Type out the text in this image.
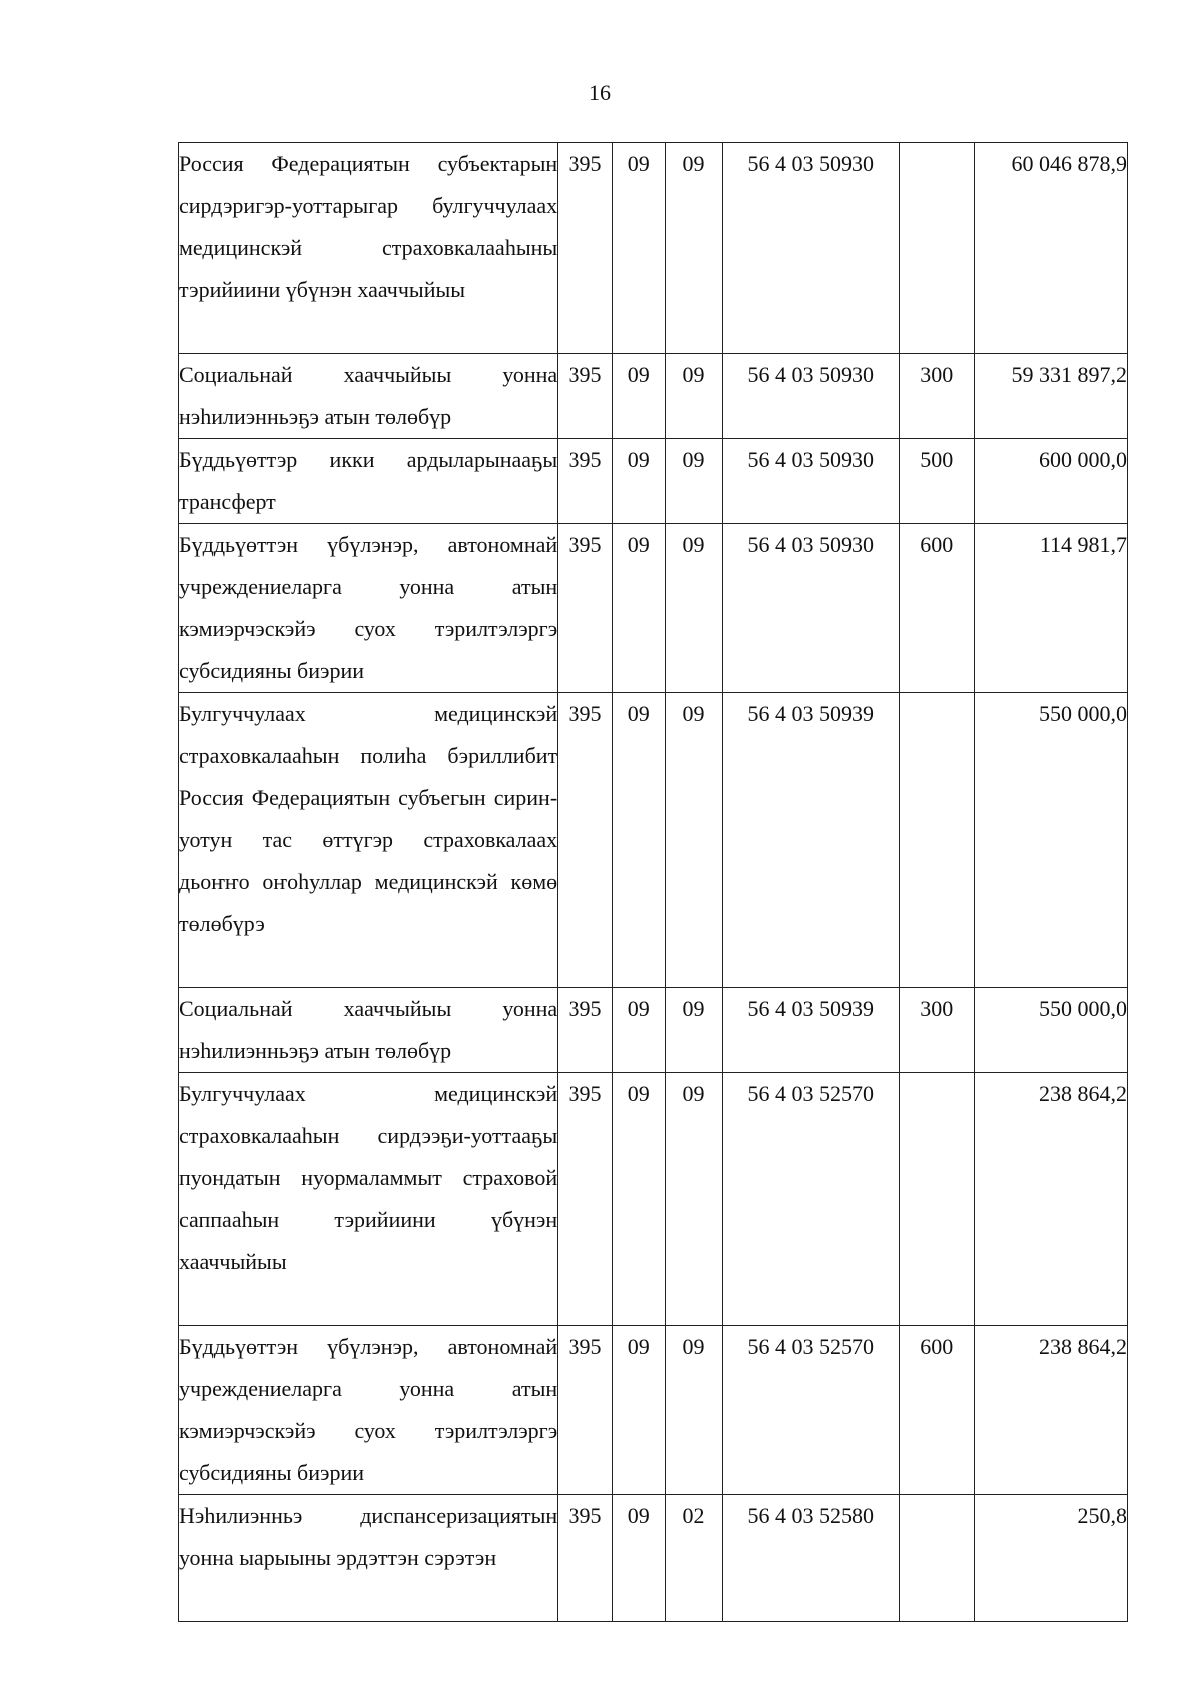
16
Россия Федерациятын субъектарын сирдэригэр-уоттарыгар булгуччулаах медицинскэй страховкалааһыны тэрийиини үбүнэн хааччыйыы	395	09	09	56 4 03 50930		60 046 878,9
Социальнай хааччыйыы уонна нэһилиэнньэҕэ атын төлөбүр	395	09	09	56 4 03 50930	300	59 331 897,2
Бүддьүөттэр икки ардыларынааҕы трансферт	395	09	09	56 4 03 50930	500	600 000,0
Бүддьүөттэн үбүлэнэр, автономнай учреждениеларга уонна атын кэмиэрчэскэйэ суох тэрилтэлэргэ субсидияны биэрии	395	09	09	56 4 03 50930	600	114 981,7
Булгуччулаах медицинскэй страховкалааһын полиһа бэриллибит Россия Федерациятын субъегын сирин-уотун тас өттүгэр страховкалаах дьоҥҥо оҥоһуллар медицинскэй көмө төлөбүрэ	395	09	09	56 4 03 50939		550 000,0
Социальнай хааччыйыы уонна нэһилиэнньэҕэ атын төлөбүр	395	09	09	56 4 03 50939	300	550 000,0
Булгуччулаах медицинскэй страховкалааһын сирдээҕи-уоттааҕы пуондатын нуормаламмыт страховой саппааһын тэрийиини үбүнэн хааччыйыы	395	09	09	56 4 03 52570		238 864,2
Бүддьүөттэн үбүлэнэр, автономнай учреждениеларга уонна атын кэмиэрчэскэйэ суох тэрилтэлэргэ субсидияны биэрии	395	09	09	56 4 03 52570	600	238 864,2
Нэһилиэнньэ диспансеризациятын уонна ыарыыны эрдэттэн сэрэтэн	395	09	02	56 4 03 52580		250,8
